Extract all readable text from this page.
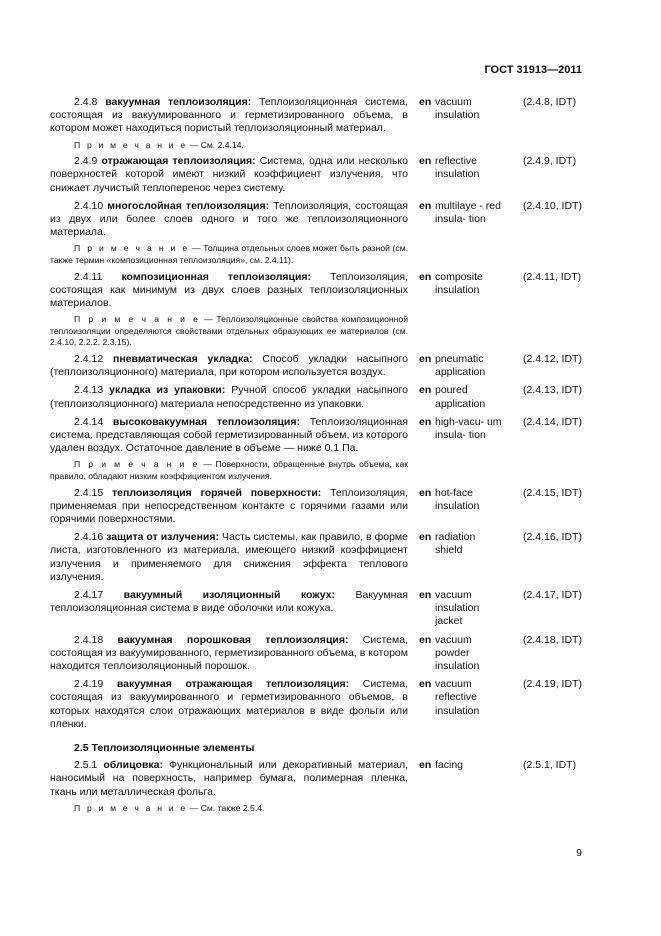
ГОСТ 31913—2011
2.4.8 вакуумная теплоизоляция: Теплоизоляционная система, состоящая из вакуумированного и герметизированного объема, в котором может находиться пористый теплоизоляционный материал.
en vacuum insulation
(2.4.8, IDT)
П р и м е ч а н и е — См. 2.4.14.
2.4.9 отражающая теплоизоляция: Система, одна или несколько поверхностей которой имеют низкий коэффициент излучения, что снижает лучистый теплоперенос через систему.
en reflective insulation
(2.4.9, IDT)
2.4.10 многослойная теплоизоляция: Теплоизоляция, состоящая из двух или более слоев одного и того же теплоизоляционного материала.
en multilaye - red insula- tion
(2.4.10, IDT)
П р и м е ч а н и е — Толщина отдельных слоев может быть разной (см. также термин «композиционная теплоизоляция», см. 2.4.11).
2.4.11 композиционная теплоизоляция: Теплоизоляция, состоящая как минимум из двух слоев разных теплоизоляционных материалов.
en composite insulation
(2.4.11, IDT)
П р и м е ч а н и е — Теплоизоляционные свойства композиционной теплоизоляции определяются свойствами отдельных образующих ее материалов (см. 2.4.10, 2.2.2, 2.3.15).
2.4.12 пневматическая укладка: Способ укладки насыпного (теплоизоляционного) материала, при котором используется воздух.
en pneumatic application
(2.4.12, IDT)
2.4.13 укладка из упаковки: Ручной способ укладки насыпного (теплоизоляционного) материала непосредственно из упаковки.
en poured application
(2.4.13, IDT)
2.4.14 высоковакуумная теплоизоляция: Теплоизоляционная система, представляющая собой герметизированный объем, из которого удален воздух. Остаточное давление в объеме — ниже 0,1 Па.
en high-vacu- um insula- tion
(2.4.14, IDT)
П р и м е ч а н и е — Поверхности, обращенные внутрь объема, как правило, обладают низким коэффициентом излучения.
2.4.15 теплоизоляция горячей поверхности: Теплоизоляция, применяемая при непосредственном контакте с горячими газами или горячими поверхностями.
en hot-face insulation
(2.4.15, IDT)
2.4.16 защита от излучения: Часть системы, как правило, в форме листа, изготовленного из материала, имеющего низкий коэффициент излучения и применяемого для снижения эффекта теплового излучения.
en radiation shield
(2.4.16, IDT)
2.4.17 вакуумный изоляционный кожух: Вакуумная теплоизоляционная система в виде оболочки или кожуха.
en vacuum insulation jacket
(2.4.17, IDT)
2.4.18 вакуумная порошковая теплоизоляция: Система, состоящая из вакуумированного, герметизированного объема, в котором находится теплоизоляционный порошок.
en vacuum powder insulation
(2.4.18, IDT)
2.4.19 вакуумная отражающая теплоизоляция: Система, состоящая из вакуумированного и герметизированного объемов, в которых находятся слои отражающих материалов в виде фольги или пленки.
en vacuum reflective insulation
(2.4.19, IDT)
2.5 Теплоизоляционные элементы
2.5.1 облицовка: Функциональный или декоративный материал, наносимый на поверхность, например бумага, полимерная пленка, ткань или металлическая фольга.
en facing	(2.5.1, IDT)
П р и м е ч а н и е — См. также 2.5.4.
9
